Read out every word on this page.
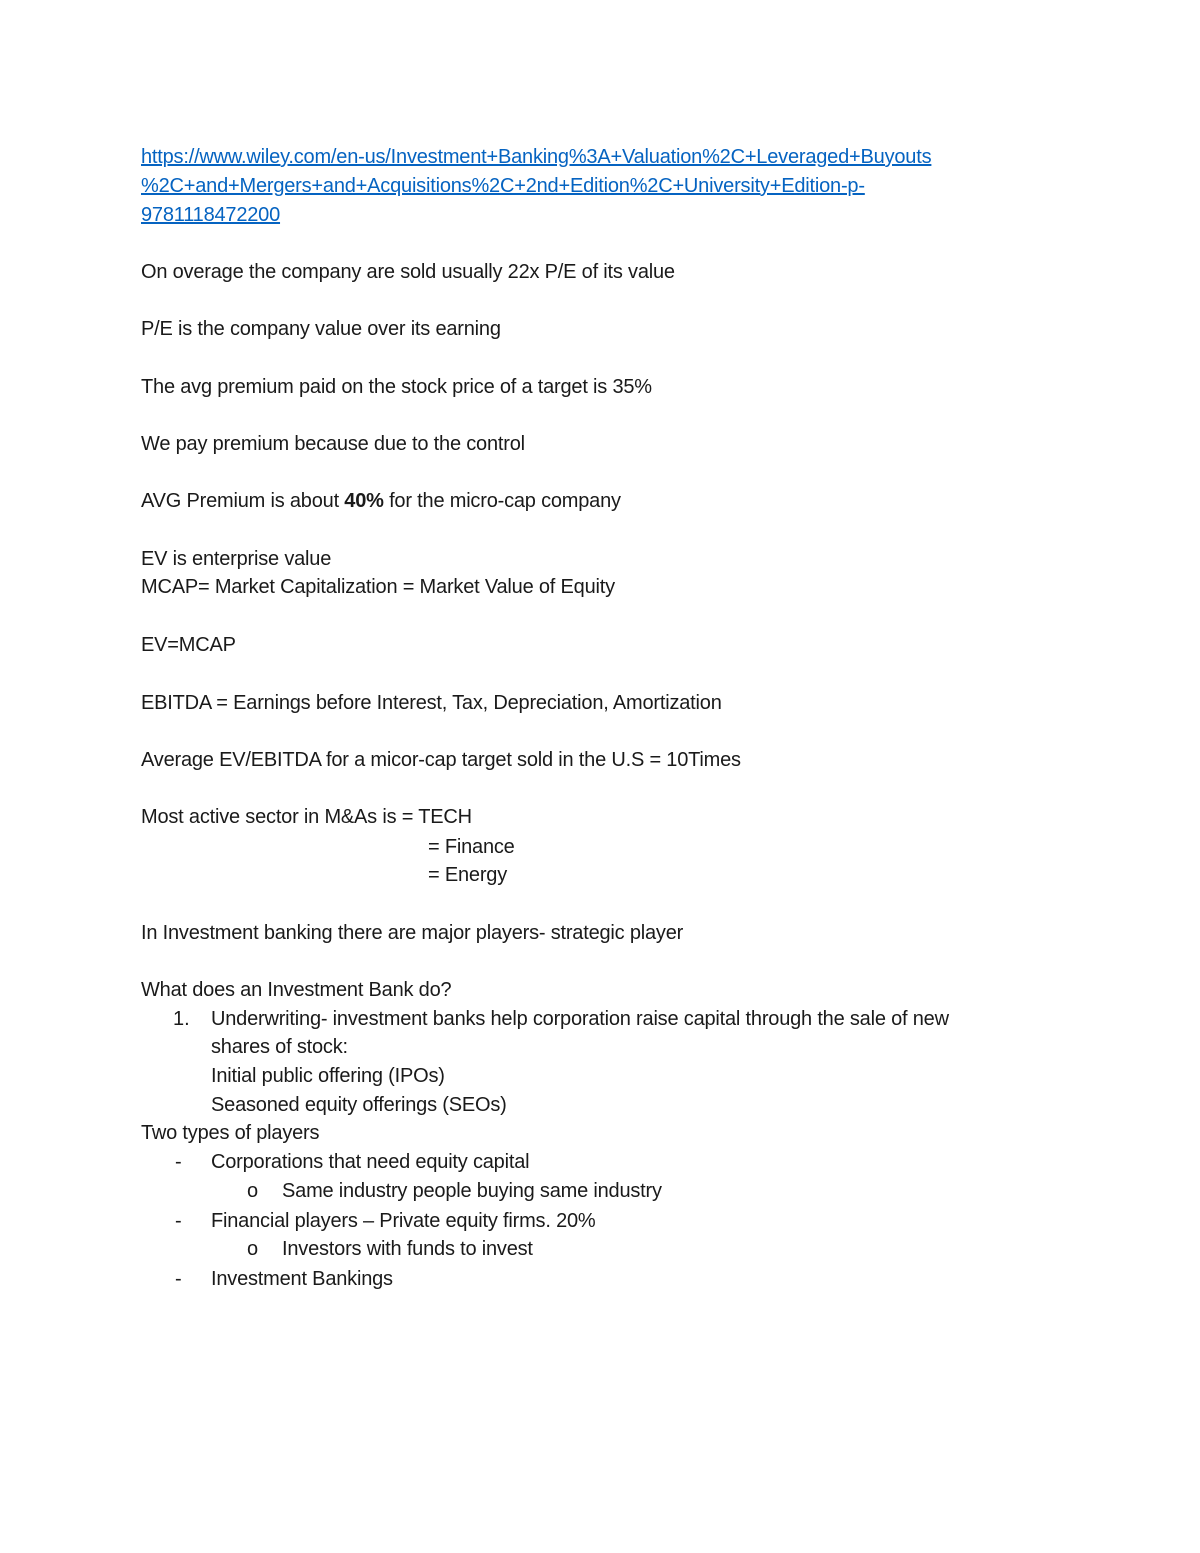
https://www.wiley.com/en-us/Investment+Banking%3A+Valuation%2C+Leveraged+Buyouts
%2C+and+Mergers+and+Acquisitions%2C+2nd+Edition%2C+University+Edition-p-
9781118472200
On overage the company are sold usually 22x P/E of its value
P/E is the company value over its earning
The avg premium paid on the stock price of a target is 35%
We pay premium because due to the control
AVG Premium is about 40% for the micro-cap company
EV is enterprise value
MCAP= Market Capitalization = Market Value of Equity
EV=MCAP
EBITDA = Earnings before Interest, Tax, Depreciation, Amortization
Average EV/EBITDA for a micor-cap target sold in the U.S = 10Times
Most active sector in M&As is = TECH
= Finance
= Energy
In Investment banking there are major players- strategic player
What does an Investment Bank do?
1. Underwriting- investment banks help corporation raise capital through the sale of new
shares of stock:
Initial public offering (IPOs)
Seasoned equity offerings (SEOs)
Two types of players
- Corporations that need equity capital
o Same industry people buying same industry
- Financial players – Private equity firms. 20%
o Investors with funds to invest
- Investment Bankings
